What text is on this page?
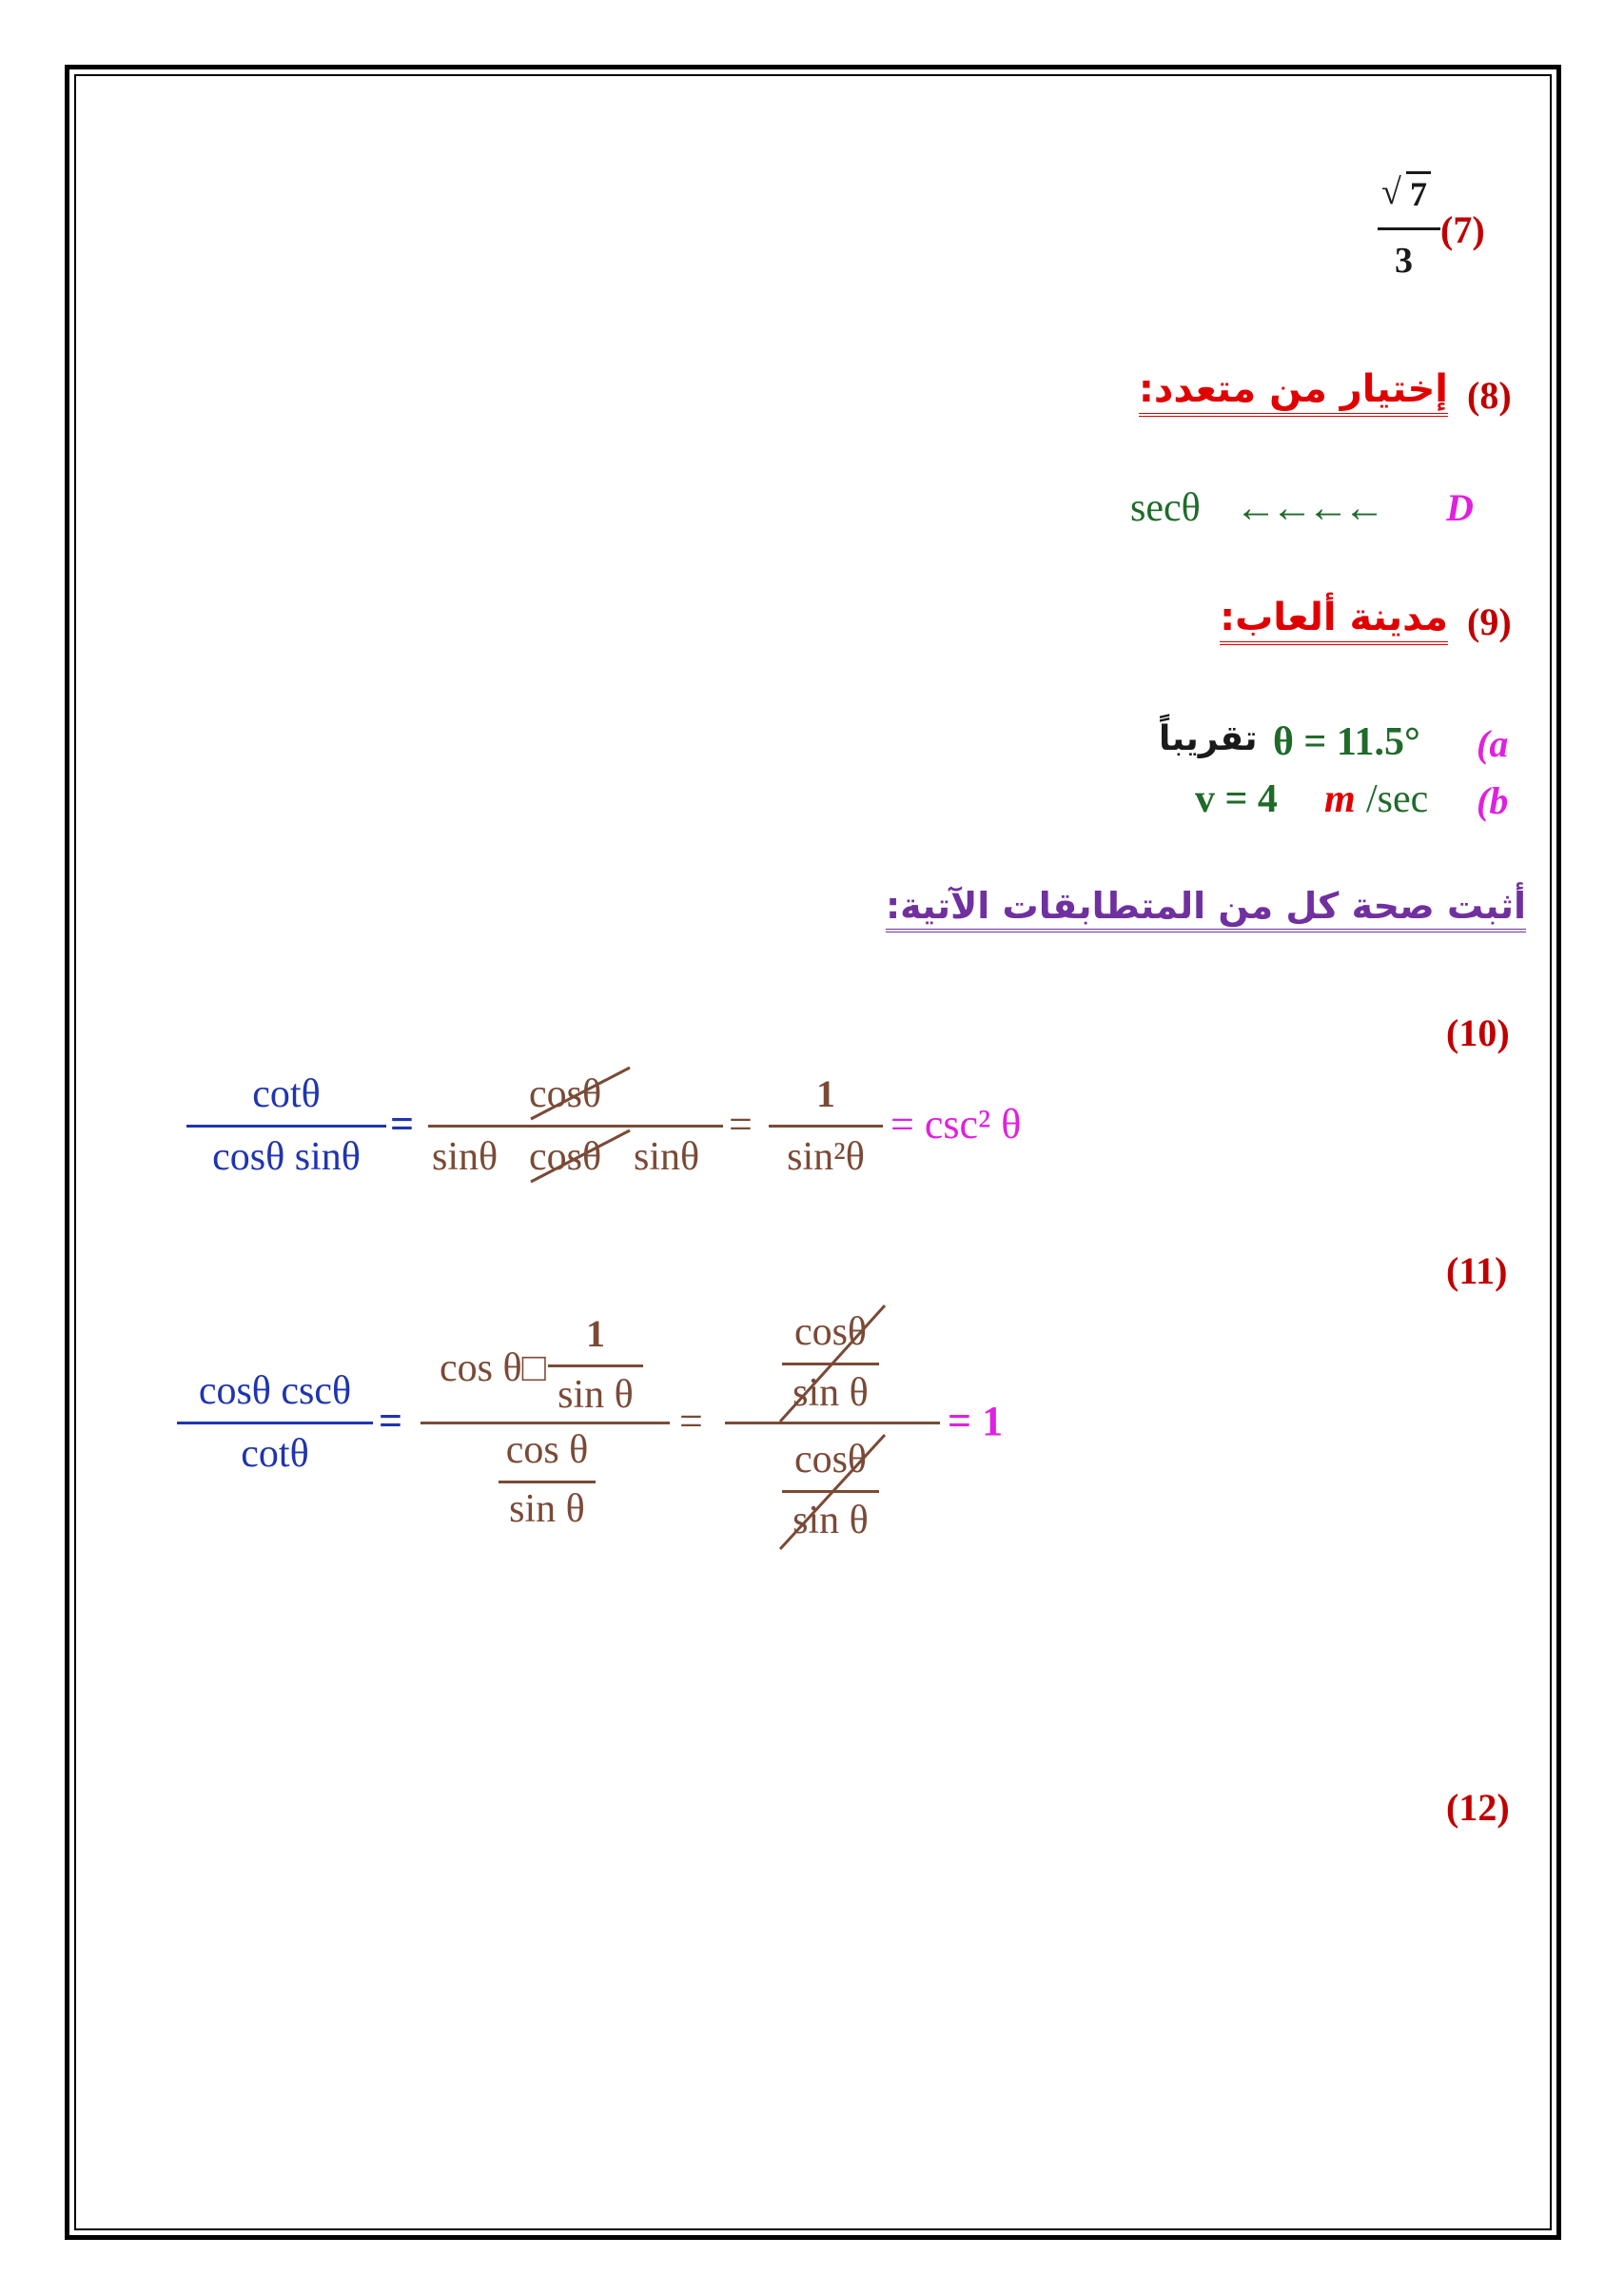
(7)
√ 7
3
(8)
إختيار من متعدد:
secθ ←←←← D
(9)
مدينة ألعاب:
(a
θ = 11.5°
تقريباً
(b
v = 4 m /sec
أثبت صحة كل من المتطابقات الآتية:
(10)
cotθ
cosθ sinθ
=
cosθ
sinθ cosθ sinθ
=
1
sin²θ
= csc² θ
(11)
cosθ cscθ
cotθ
=
cos θ□
1
sin θ
cos θ
sin θ
=
cosθ
sin θ
cosθ
sin θ
= 1
(12)
